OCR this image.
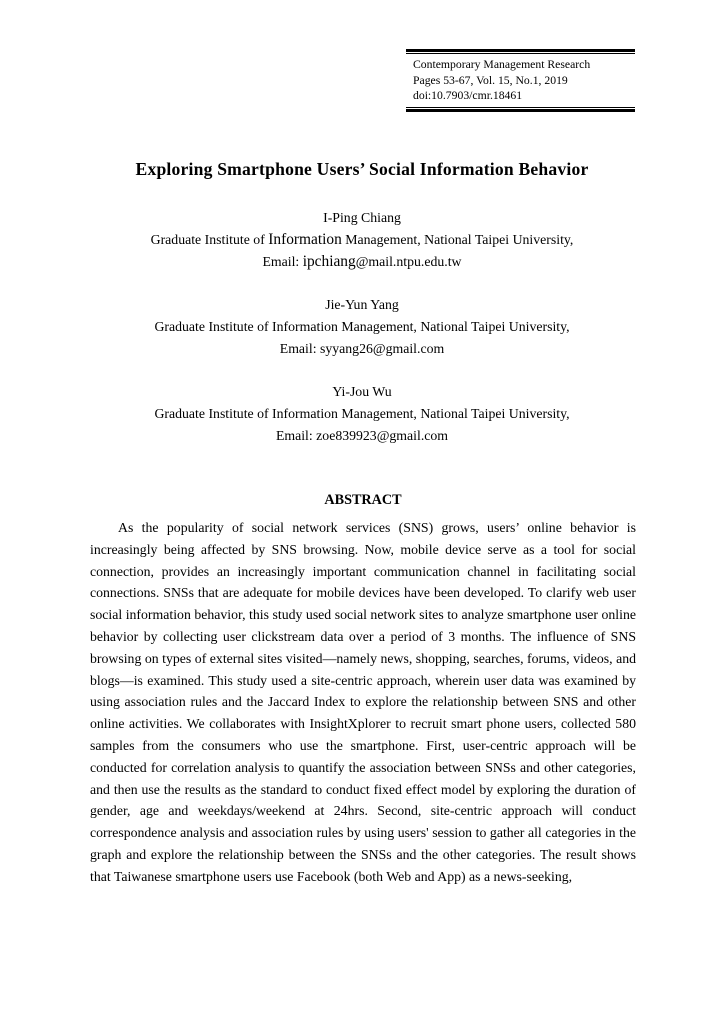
Contemporary Management Research
Pages 53-67, Vol. 15, No.1, 2019
doi:10.7903/cmr.18461
Exploring Smartphone Users’ Social Information Behavior
I-Ping Chiang
Graduate Institute of Information Management, National Taipei University,
Email: ipchiang@mail.ntpu.edu.tw
Jie-Yun Yang
Graduate Institute of Information Management, National Taipei University,
Email: syyang26@gmail.com
Yi-Jou Wu
Graduate Institute of Information Management, National Taipei University,
Email: zoe839923@gmail.com
ABSTRACT

As the popularity of social network services (SNS) grows, users’ online behavior is increasingly being affected by SNS browsing. Now, mobile device serve as a tool for social connection, provides an increasingly important communication channel in facilitating social connections. SNSs that are adequate for mobile devices have been developed. To clarify web user social information behavior, this study used social network sites to analyze smartphone user online behavior by collecting user clickstream data over a period of 3 months. The influence of SNS browsing on types of external sites visited—namely news, shopping, searches, forums, videos, and blogs—is examined. This study used a site-centric approach, wherein user data was examined by using association rules and the Jaccard Index to explore the relationship between SNS and other online activities. We collaborates with InsightXplorer to recruit smart phone users, collected 580 samples from the consumers who use the smartphone. First, user-centric approach will be conducted for correlation analysis to quantify the association between SNSs and other categories, and then use the results as the standard to conduct fixed effect model by exploring the duration of gender, age and weekdays/weekend at 24hrs. Second, site-centric approach will conduct correspondence analysis and association rules by using users' session to gather all categories in the graph and explore the relationship between the SNSs and the other categories. The result shows that Taiwanese smartphone users use Facebook (both Web and App) as a news-seeking,
